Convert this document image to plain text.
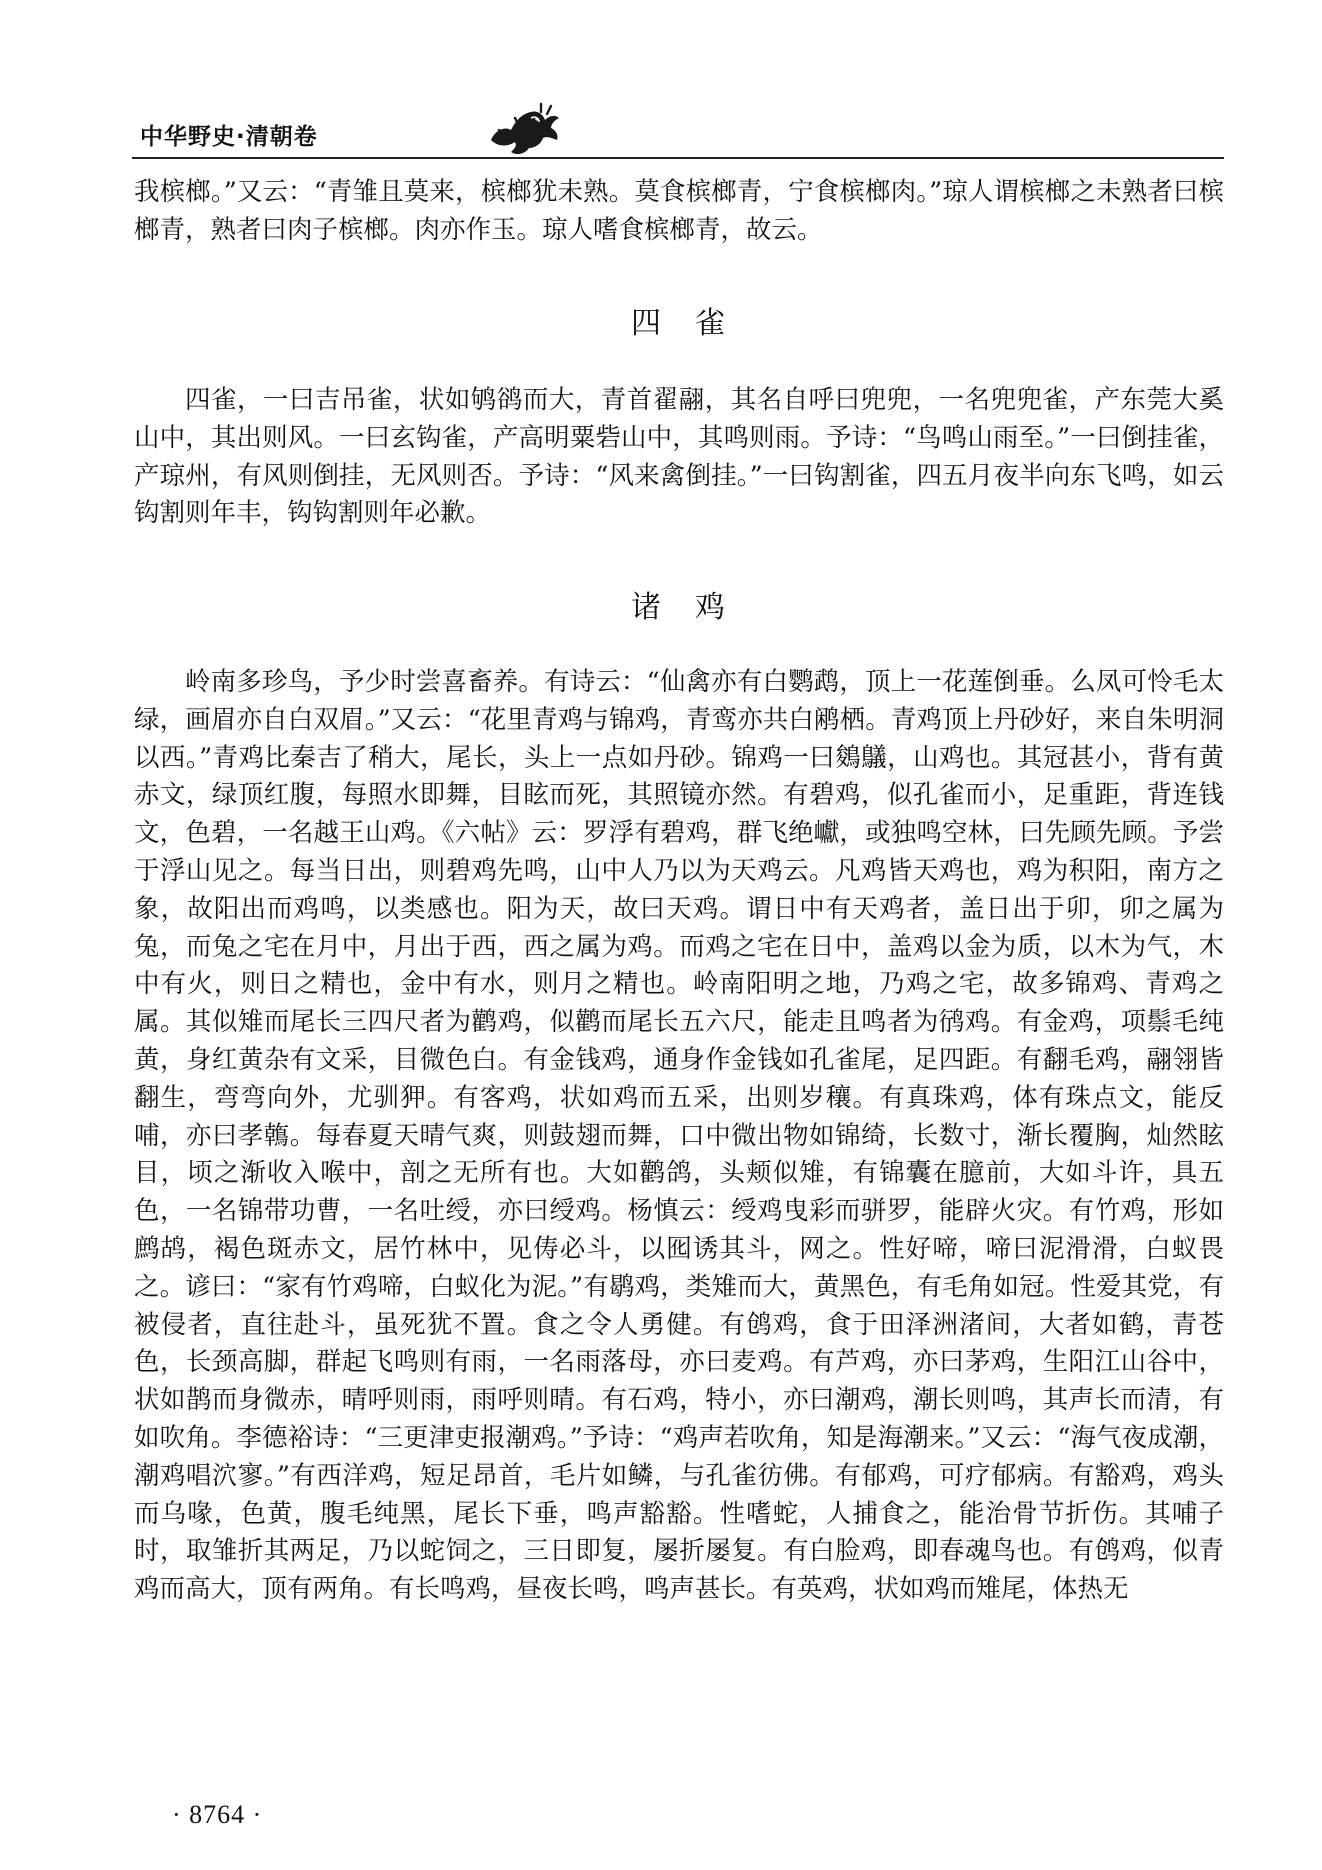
中华野史·清朝卷

我槟榔。”又云：“青雏且莫来，槟榔犹未熟。莫食槟榔青，宁食槟榔肉。”琼人谓槟榔之未熟者曰槟榔青，熟者曰肉子槟榔。肉亦作玉。琼人嗜食槟榔青，故云。

四　雀

四雀，一曰吉吊雀，状如鸲鹆而大，青首翟翮，其名自呼曰兜兜，一名兜兜雀，产东莞大奚山中，其出则风。一曰玄钩雀，产高明粟砦山中，其鸣则雨。予诗：“鸟鸣山雨至。”一曰倒挂雀，产琼州，有风则倒挂，无风则否。予诗：“风来禽倒挂。”一曰钩割雀，四五月夜半向东飞鸣，如云钩割则年丰，钩钩割则年必歉。

诸　鸡

岭南多珍鸟，予少时尝喜畜养。有诗云：“仙禽亦有白鹦鹉，顶上一花莲倒垂。么凤可怜毛太绿，画眉亦自白双眉。”又云：“花里青鸡与锦鸡，青鸾亦共白鹇栖。青鸡顶上丹砂好，来自朱明洞以西。”青鸡比秦吉了稍大，尾长，头上一点如丹砂。锦鸡一曰鵕鸃，山鸡也。其冠甚小，背有黄赤文，绿顶红腹，每照水即舞，目眩而死，其照镜亦然。有碧鸡，似孔雀而小，足重距，背连钱文，色碧，一名越王山鸡。《六帖》云：罗浮有碧鸡，群飞绝巘，或独鸣空林，曰先顾先顾。予尝于浮山见之。每当日出，则碧鸡先鸣，山中人乃以为天鸡云。凡鸡皆天鸡也，鸡为积阳，南方之象，故阳出而鸡鸣，以类感也。阳为天，故曰天鸡。谓日中有天鸡者，盖日出于卯，卯之属为兔，而兔之宅在月中，月出于西，西之属为鸡。而鸡之宅在日中，盖鸡以金为质，以木为气，木中有火，则日之精也，金中有水，则月之精也。岭南阳明之地，乃鸡之宅，故多锦鸡、青鸡之属。其似雉而尾长三四尺者为鹳鸡，似鹳而尾长五六尺，能走且鸣者为鸻鸡。有金鸡，项鬃毛纯黄，身红黄杂有文采，目微色白。有金钱鸡，通身作金钱如孔雀尾，足四距。有翻毛鸡，翮翎皆翻生，弯弯向外，尤驯狎。有客鸡，状如鸡而五采，出则岁穰。有真珠鸡，体有珠点文，能反哺，亦曰孝鶾。每春夏天晴气爽，则鼓翅而舞，口中微出物如锦绮，长数寸，渐长覆胸，灿然眩目，顷之渐收入喉中，剖之无所有也。大如鹳鸽，头颊似雉，有锦囊在臆前，大如斗许，具五色，一名锦带功曹，一名吐绶，亦曰绶鸡。杨慎云：绶鸡曳彩而骈罗，能辟火灾。有竹鸡，形如鹧鸪，褐色斑赤文，居竹林中，见俦必斗，以囮诱其斗，网之。性好啼，啼曰泥滑滑，白蚁畏之。谚曰：“家有竹鸡啼，白蚁化为泥。”有鹖鸡，类雉而大，黄黑色，有毛角如冠。性爱其党，有被侵者，直往赴斗，虽死犹不置。食之令人勇健。有鸧鸡，食于田泽洲渚间，大者如鹤，青苍色，长颈高脚，群起飞鸣则有雨，一名雨落母，亦曰麦鸡。有芦鸡，亦曰茅鸡，生阳江山谷中，状如鹊而身微赤，晴呼则雨，雨呼则晴。有石鸡，特小，亦曰潮鸡，潮长则鸣，其声长而清，有如吹角。李德裕诗：“三更津吏报潮鸡。”予诗：“鸡声若吹角，知是海潮来。”又云：“海气夜成潮，潮鸡唱泬寥。”有西洋鸡，短足昂首，毛片如鳞，与孔雀彷佛。有郁鸡，可疗郁病。有豁鸡，鸡头而乌喙，色黄，腹毛纯黑，尾长下垂，鸣声豁豁。性嗜蛇，人捕食之，能治骨节折伤。其哺子时，取雏折其两足，乃以蛇饲之，三日即复，屡折屡复。有白脸鸡，即春魂鸟也。有鸧鸡，似青鸡而高大，顶有两角。有长鸣鸡，昼夜长鸣，鸣声甚长。有英鸡，状如鸡而雉尾，体热无

· 8764 ·
